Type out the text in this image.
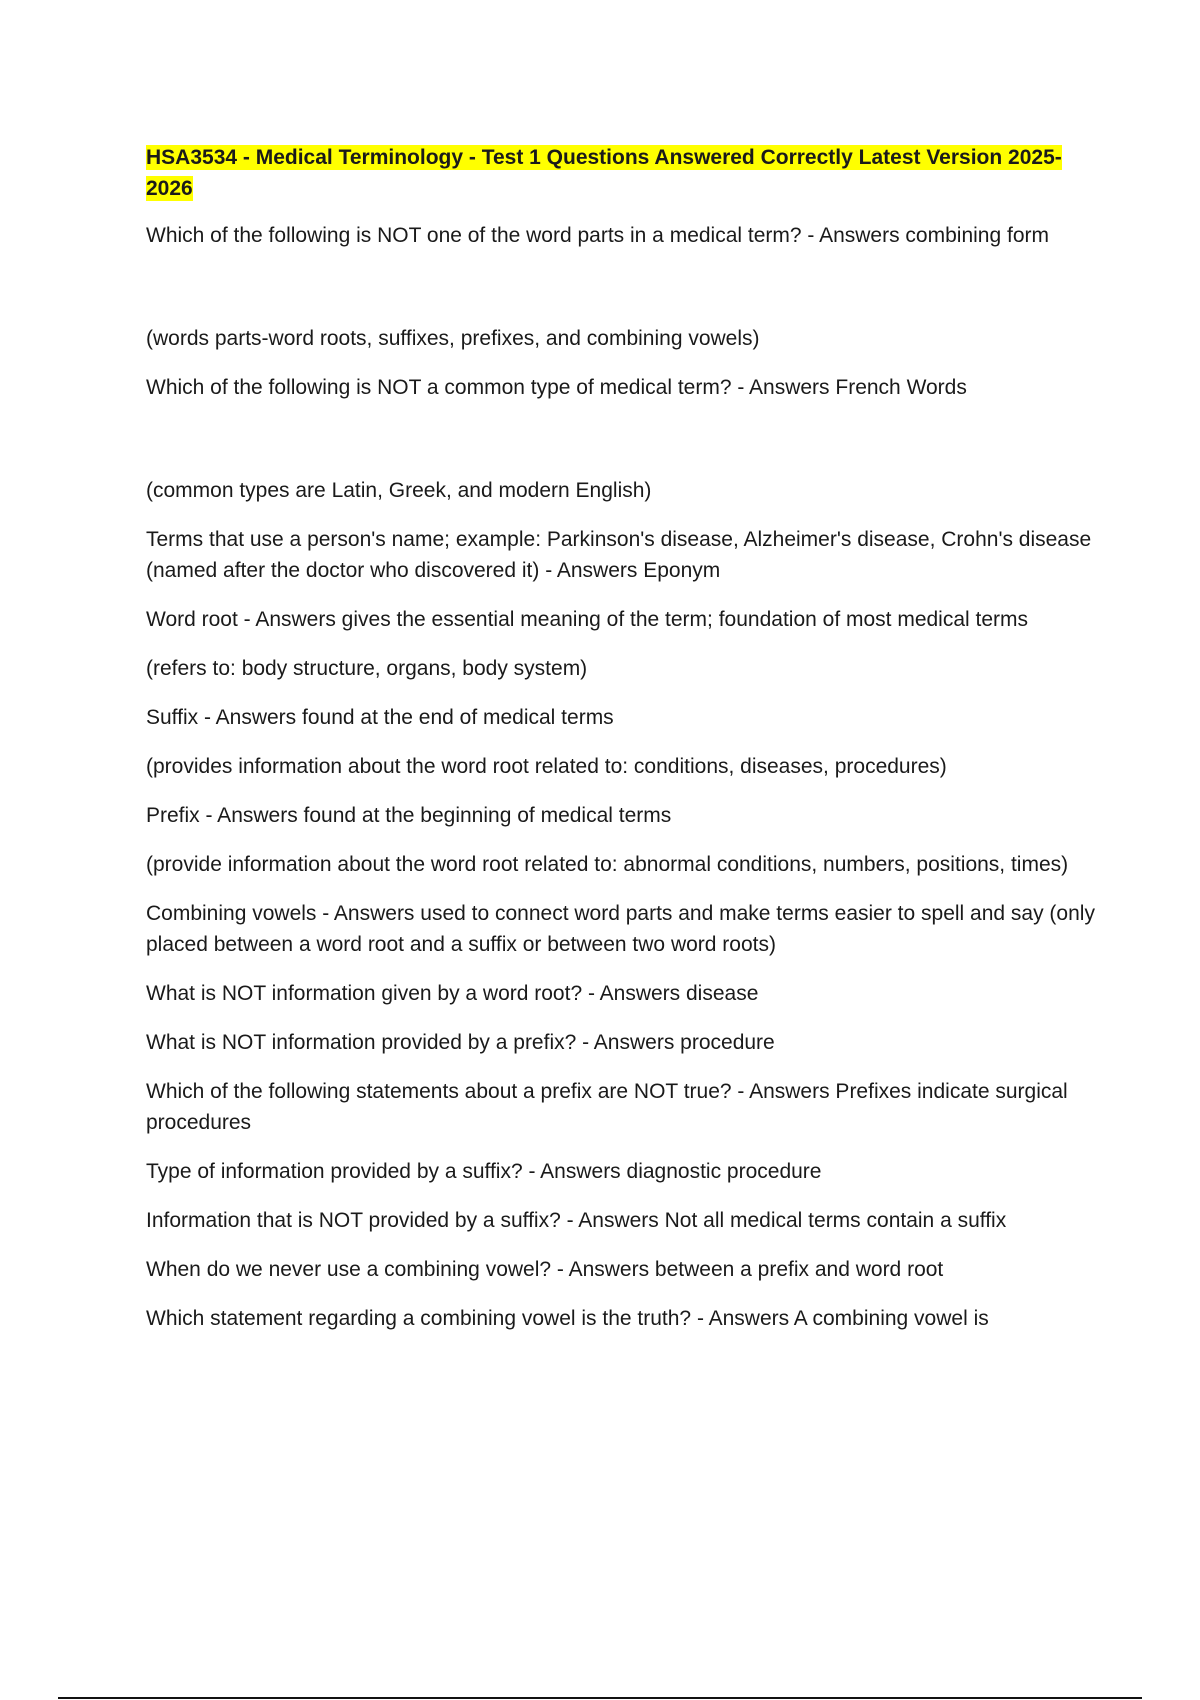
HSA3534 - Medical Terminology - Test 1 Questions Answered Correctly Latest Version 2025-2026

Which of the following is NOT one of the word parts in a medical term? - Answers combining form

(words parts-word roots, suffixes, prefixes, and combining vowels)

Which of the following is NOT a common type of medical term? - Answers French Words

(common types are Latin, Greek, and modern English)

Terms that use a person's name; example: Parkinson's disease, Alzheimer's disease, Crohn's disease (named after the doctor who discovered it) - Answers Eponym

Word root - Answers gives the essential meaning of the term; foundation of most medical terms

(refers to: body structure, organs, body system)

Suffix - Answers found at the end of medical terms

(provides information about the word root related to: conditions, diseases, procedures)

Prefix - Answers found at the beginning of medical terms

(provide information about the word root related to: abnormal conditions, numbers, positions, times)

Combining vowels - Answers used to connect word parts and make terms easier to spell and say (only placed between a word root and a suffix or between two word roots)

What is NOT information given by a word root? - Answers disease

What is NOT information provided by a prefix? - Answers procedure

Which of the following statements about a prefix are NOT true? - Answers Prefixes indicate surgical procedures

Type of information provided by a suffix? - Answers diagnostic procedure

Information that is NOT provided by a suffix? - Answers Not all medical terms contain a suffix

When do we never use a combining vowel? - Answers between a prefix and word root

Which statement regarding a combining vowel is the truth? - Answers A combining vowel is
